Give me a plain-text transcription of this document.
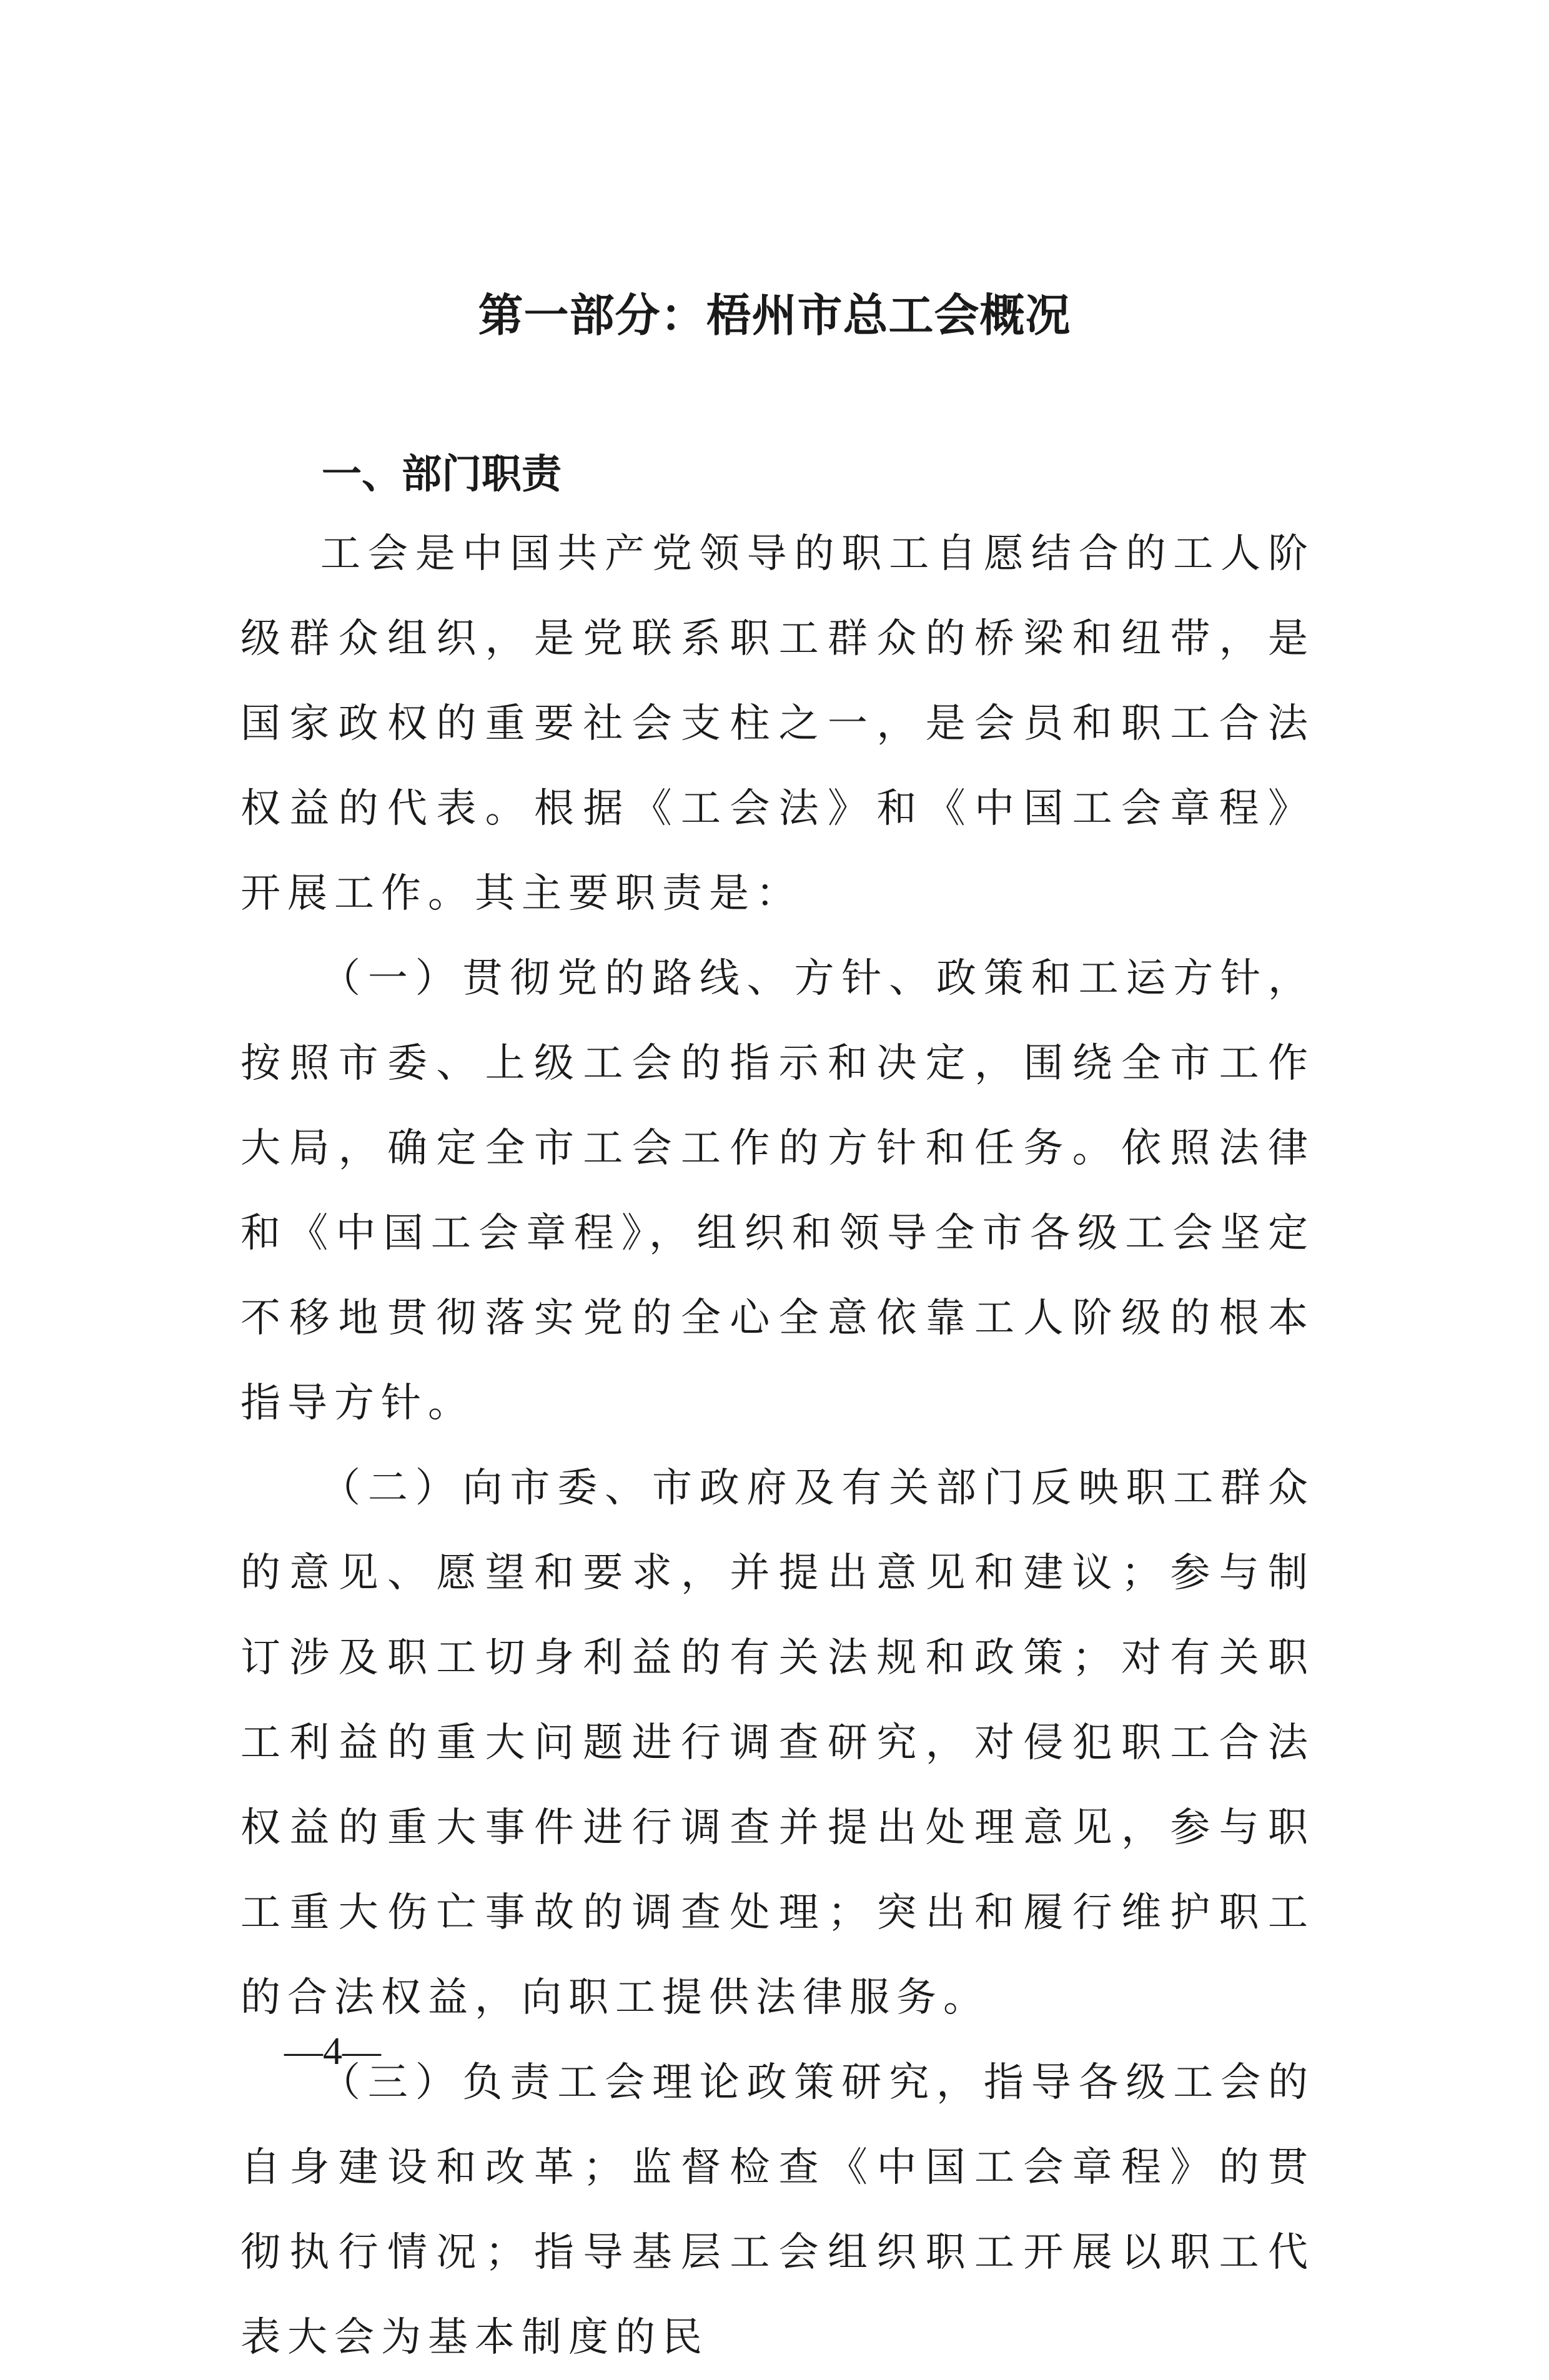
第一部分：梧州市总工会概况
一、部门职责

工会是中国共产党领导的职工自愿结合的工人阶级群众组织，是党联系职工群众的桥梁和纽带，是国家政权的重要社会支柱之一，是会员和职工合法权益的代表。根据《工会法》和《中国工会章程》开展工作。其主要职责是：

（一）贯彻党的路线、方针、政策和工运方针，按照市委、上级工会的指示和决定，围绕全市工作大局，确定全市工会工作的方针和任务。依照法律和《中国工会章程》，组织和领导全市各级工会坚定不移地贯彻落实党的全心全意依靠工人阶级的根本指导方针。

（二）向市委、市政府及有关部门反映职工群众的意见、愿望和要求，并提出意见和建议；参与制订涉及职工切身利益的有关法规和政策；对有关职工利益的重大问题进行调查研究，对侵犯职工合法权益的重大事件进行调查并提出处理意见，参与职工重大伤亡事故的调查处理；突出和履行维护职工的合法权益，向职工提供法律服务。

（三）负责工会理论政策研究，指导各级工会的自身建设和改革；监督检查《中国工会章程》的贯彻执行情况；指导基层工会组织职工开展以职工代表大会为基本制度的民

—4—
